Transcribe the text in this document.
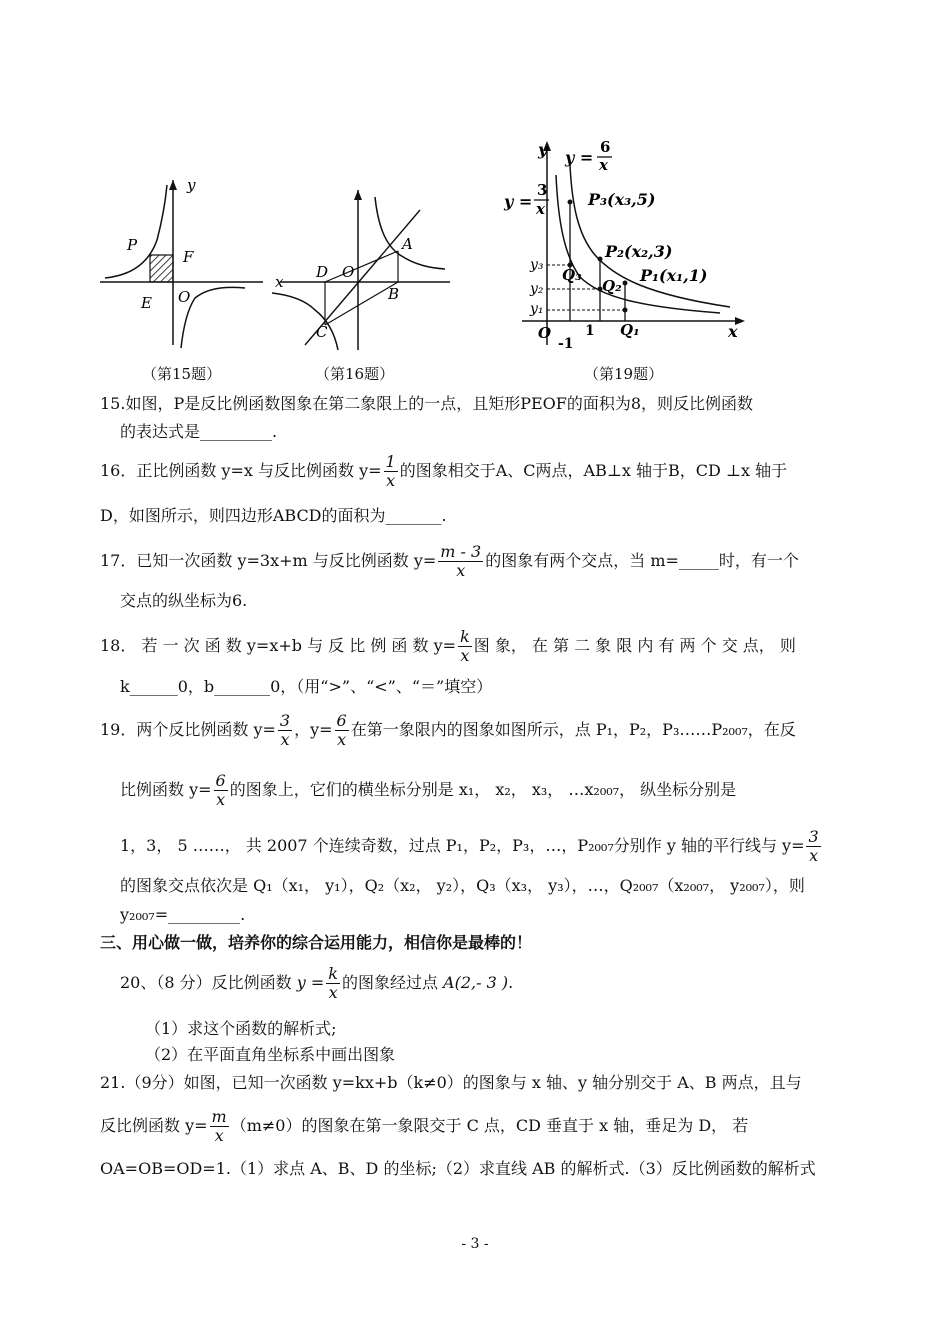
y
P
F
E O
（第15题）
x
A
D O
B
C
（第16题）
y
x
O 1
-1
y =
6
x
y =
3
x	P₃(x₃,5)
P₂(x₂,3)
P₁(x₁,1)
Q₃
Q₂
Q₁
y₃
y₂
y₁
（第19题）
15.如图，P是反比例函数图象在第二象限上的一点，且矩形PEOF的面积为8，则反比例函数
的表达式是_________.
16．正比例函数 y=x 与反比例函数 $y= \frac{1}{x}$ 的图象相交于A、C两点，AB⊥x 轴于B，CD ⊥x 轴于
D，如图所示，则四边形ABCD的面积为_______.
17．已知一次函数 y=3x+m 与反比例函数 $y= \frac{m - 3}{x}$ 的图象有两个交点，当 m=_____时，有一个
交点的纵坐标为6.
18． 若 一 次 函 数 y=x+b 与 反 比 例 函 数 $y= \frac{k}{x}$ 图 象， 在 第 二 象 限 内 有 两 个 交 点， 则
k______0，b_______0，（用“>”、“<”、“＝”填空）
19．两个反比例函数 $y= \frac{3}{x}$ ，$y= \frac{6}{x}$ 在第一象限内的图象如图所示，点 P₁，P₂，P₃……P₂₀₀₇，在反
比例函数 $y= \frac{6}{x}$ 的图象上，它们的横坐标分别是 x₁， x₂， x₃， …x₂₀₀₇， 纵坐标分别是
1，3， 5 ……， 共 2007 个连续奇数，过点 P₁，P₂，P₃，…，P₂₀₀₇分别作 y 轴的平行线与 $y= \frac{3}{x}$
的图象交点依次是 Q₁（x₁， y₁），Q₂（x₂， y₂），Q₃（x₃， y₃），…，Q₂₀₀₇（x₂₀₀₇， y₂₀₀₇），则
y₂₀₀₇=_________.
三、用心做一做，培养你的综合运用能力，相信你是最棒的！
20、（8 分）反比例函数 $y = \frac{k}{x}$ 的图象经过点 A(2,- 3 ).
（1）求这个函数的解析式;
（2）在平面直角坐标系中画出图象
21.（9分）如图，已知一次函数 y=kx+b（k≠0）的图象与 x 轴、y 轴分别交于 A、B 两点，且与
反比例函数 $y= \frac{m}{x} (m\ne 0)$的图象在第一象限交于 C 点，CD 垂直于 x 轴，垂足为 D， 若
OA=OB=OD=1.（1）求点 A、B、D 的坐标;（2）求直线 AB 的解析式.（3）反比例函数的解析式
- 3 -
